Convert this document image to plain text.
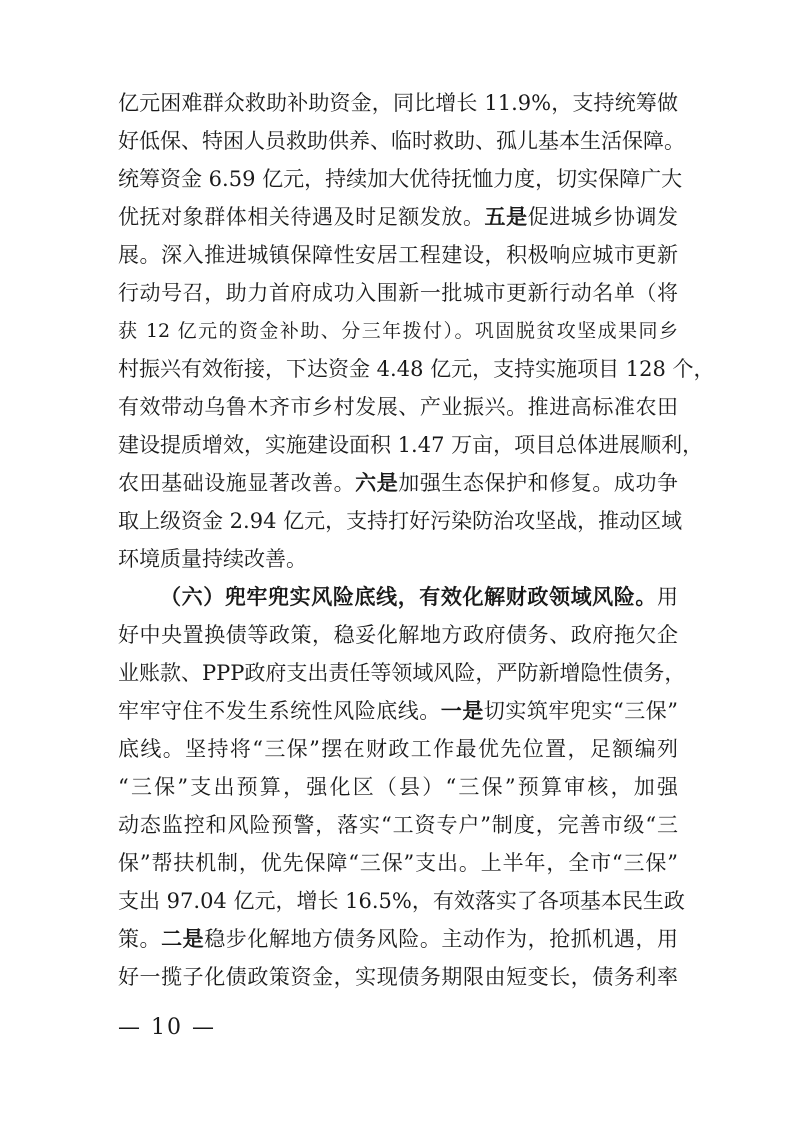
亿元困难群众救助补助资金，同比增长 11.9%，支持统筹做
好低保、特困人员救助供养、临时救助、孤儿基本生活保障。
统筹资金 6.59 亿元，持续加大优待抚恤力度，切实保障广大
优抚对象群体相关待遇及时足额发放。五是促进城乡协调发
展。深入推进城镇保障性安居工程建设，积极响应城市更新
行动号召，助力首府成功入围新一批城市更新行动名单（将
获 12 亿元的资金补助、分三年拨付）。巩固脱贫攻坚成果同乡
村振兴有效衔接，下达资金 4.48 亿元，支持实施项目 128 个，
有效带动乌鲁木齐市乡村发展、产业振兴。推进高标准农田
建设提质增效，实施建设面积 1.47 万亩，项目总体进展顺利，
农田基础设施显著改善。六是加强生态保护和修复。成功争
取上级资金 2.94 亿元，支持打好污染防治攻坚战，推动区域
环境质量持续改善。
（六）兜牢兜实风险底线，有效化解财政领域风险。用
好中央置换债等政策，稳妥化解地方政府债务、政府拖欠企
业账款、PPP政府支出责任等领域风险，严防新增隐性债务，
牢牢守住不发生系统性风险底线。一是切实筑牢兜实“三保”
底线。坚持将“三保”摆在财政工作最优先位置，足额编列
“三保”支出预算，强化区（县）“三保”预算审核，加强
动态监控和风险预警，落实“工资专户”制度，完善市级“三
保”帮扶机制，优先保障“三保”支出。上半年，全市“三保”
支出 97.04 亿元，增长 16.5%，有效落实了各项基本民生政
策。二是稳步化解地方债务风险。主动作为，抢抓机遇，用
好一揽子化债政策资金，实现债务期限由短变长，债务利率
— 10 —
